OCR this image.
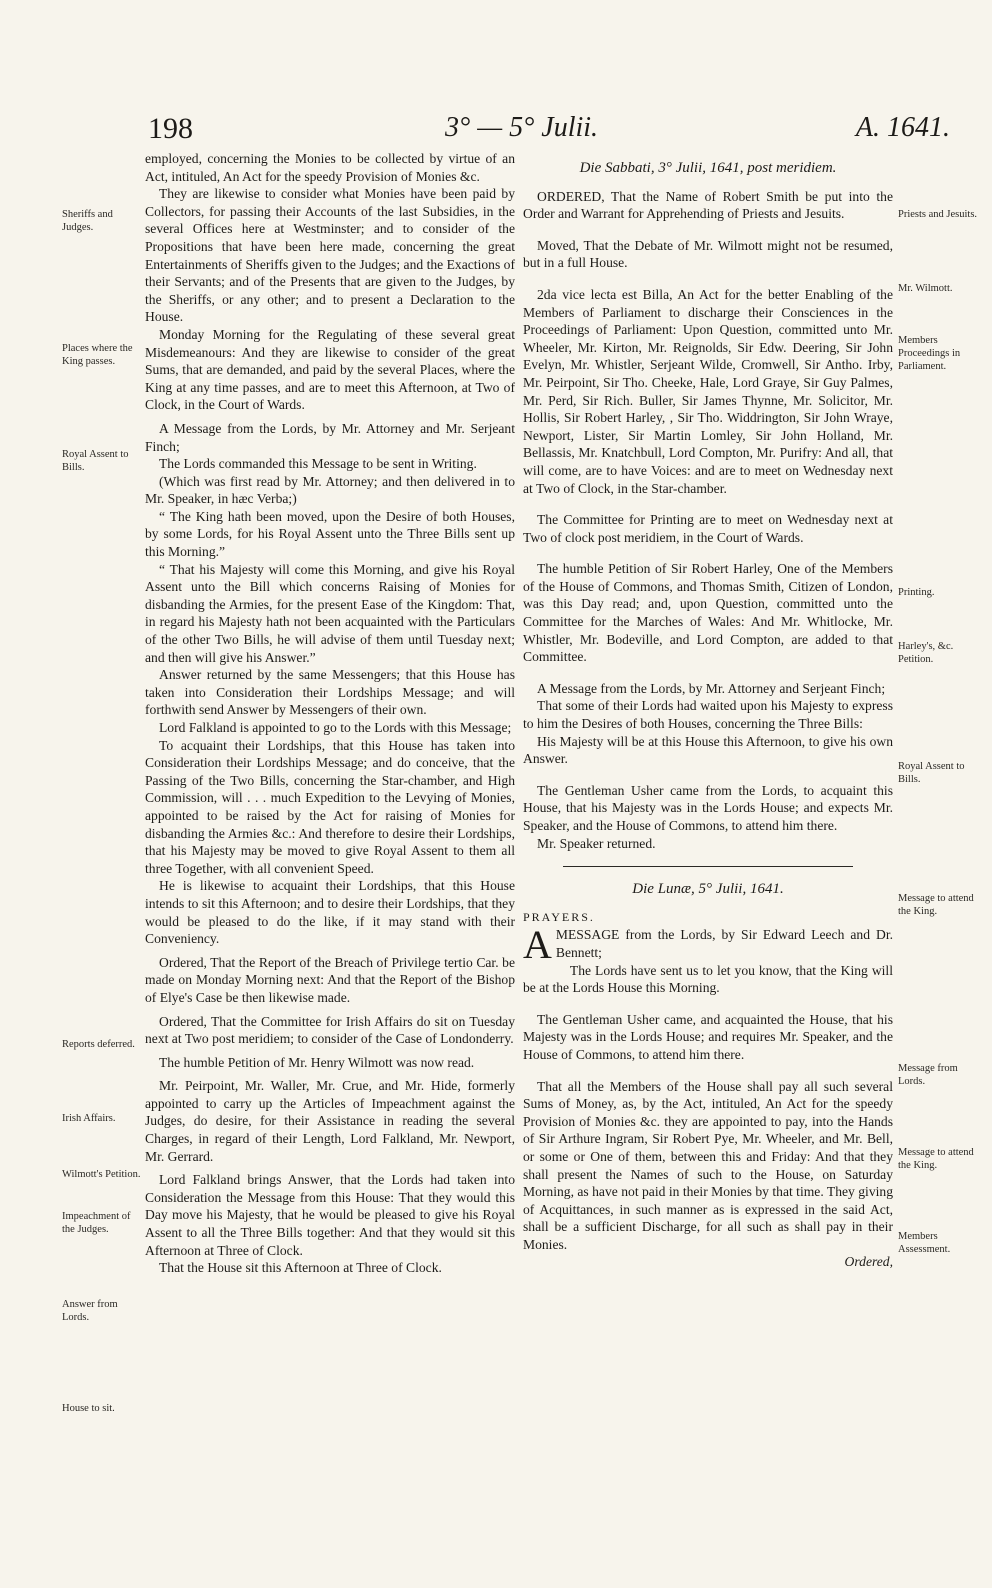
198	3° — 5° Julii.	A. 1641.
Sheriffs and Judges.
Places where the King passes.
Royal Assent to Bills.
Reports deferred.
Irish Affairs.
Wilmott's Petition.
Impeachment of the Judges.
Answer from Lords.
House to sit.
Priests and Jesuits.
Mr. Wilmott.
Members Proceedings in Parliament.
Printing.
Harley's, &c. Petition.
Royal Assent to Bills.
Message to attend the King.
Message from Lords.
Message to attend the King.
Members Assessment.

employed, concerning the Monies to be collected by virtue of an Act, intituled, An Act for the speedy Provision of Monies &c.

They are likewise to consider what Monies have been paid by Collectors, for passing their Accounts of the last Subsidies, in the several Offices here at Westminster; and to consider of the Propositions that have been here made, concerning the great Entertainments of Sheriffs given to the Judges; and the Exactions of their Servants; and of the Presents that are given to the Judges, by the Sheriffs, or any other; and to present a Declaration to the House.

Monday Morning for the Regulating of these several great Misdemeanours: And they are likewise to consider of the great Sums, that are demanded, and paid by the several Places, where the King at any time passes, and are to meet this Afternoon, at Two of Clock, in the Court of Wards.

A Message from the Lords, by Mr. Attorney and Mr. Serjeant Finch;

The Lords commanded this Message to be sent in Writing.

(Which was first read by Mr. Attorney; and then delivered in to Mr. Speaker, in hæc Verba;)

“ The King hath been moved, upon the Desire of both Houses, by some Lords, for his Royal Assent unto the Three Bills sent up this Morning.”

“ That his Majesty will come this Morning, and give his Royal Assent unto the Bill which concerns Raising of Monies for disbanding the Armies, for the present Ease of the Kingdom: That, in regard his Majesty hath not been acquainted with the Particulars of the other Two Bills, he will advise of them until Tuesday next; and then will give his Answer.”

Answer returned by the same Messengers; that this House has taken into Consideration their Lordships Message; and will forthwith send Answer by Messengers of their own.

Lord Falkland is appointed to go to the Lords with this Message;

To acquaint their Lordships, that this House has taken into Consideration their Lordships Message; and do conceive, that the Passing of the Two Bills, concerning the Star-chamber, and High Commission, will . . . much Expedition to the Levying of Monies, appointed to be raised by the Act for raising of Monies for disbanding the Armies &c.: And therefore to desire their Lordships, that his Majesty may be moved to give Royal Assent to them all three Together, with all convenient Speed.

He is likewise to acquaint their Lordships, that this House intends to sit this Afternoon; and to desire their Lordships, that they would be pleased to do the like, if it may stand with their Conveniency.

Ordered, That the Report of the Breach of Privilege tertio Car. be made on Monday Morning next: And that the Report of the Bishop of Elye's Case be then likewise made.

Ordered, That the Committee for Irish Affairs do sit on Tuesday next at Two post meridiem; to consider of the Case of Londonderry.

The humble Petition of Mr. Henry Wilmott was now read.

Mr. Peirpoint, Mr. Waller, Mr. Crue, and Mr. Hide, formerly appointed to carry up the Articles of Impeachment against the Judges, do desire, for their Assistance in reading the several Charges, in regard of their Length, Lord Falkland, Mr. Newport, Mr. Gerrard.

Lord Falkland brings Answer, that the Lords had taken into Consideration the Message from this House: That they would this Day move his Majesty, that he would be pleased to give his Royal Assent to all the Three Bills together: And that they would sit this Afternoon at Three of Clock.

That the House sit this Afternoon at Three of Clock.

Die Sabbati, 3° Julii, 1641, post meridiem.

ORDERED, That the Name of Robert Smith be put into the Order and Warrant for Apprehending of Priests and Jesuits.

Moved, That the Debate of Mr. Wilmott might not be resumed, but in a full House.

2da vice lecta est Billa, An Act for the better Enabling of the Members of Parliament to discharge their Consciences in the Proceedings of Parliament: Upon Question, committed unto Mr. Wheeler, Mr. Kirton, Mr. Reignolds, Sir Edw. Deering, Sir John Evelyn, Mr. Whistler, Serjeant Wilde, Cromwell, Sir Antho. Irby, Mr. Peirpoint, Sir Tho. Cheeke, Hale, Lord Graye, Sir Guy Palmes, Mr. Perd, Sir Rich. Buller, Sir James Thynne, Mr. Solicitor, Mr. Hollis, Sir Robert Harley, , Sir Tho. Widdrington, Sir John Wraye, Newport, Lister, Sir Martin Lomley, Sir John Holland, Mr. Bellassis, Mr. Knatchbull, Lord Compton, Mr. Purifry: And all, that will come, are to have Voices: and are to meet on Wednesday next at Two of Clock, in the Star-chamber.

The Committee for Printing are to meet on Wednesday next at Two of clock post meridiem, in the Court of Wards.

The humble Petition of Sir Robert Harley, One of the Members of the House of Commons, and Thomas Smith, Citizen of London, was this Day read; and, upon Question, committed unto the Committee for the Marches of Wales: And Mr. Whitlocke, Mr. Whistler, Mr. Bodeville, and Lord Compton, are added to that Committee.

A Message from the Lords, by Mr. Attorney and Serjeant Finch;

That some of their Lords had waited upon his Majesty to express to him the Desires of both Houses, concerning the Three Bills:

His Majesty will be at this House this Afternoon, to give his own Answer.

The Gentleman Usher came from the Lords, to acquaint this House, that his Majesty was in the Lords House; and expects Mr. Speaker, and the House of Commons, to attend him there.

Mr. Speaker returned.

Die Lunæ, 5° Julii, 1641.

PRAYERS.

AMESSAGE from the Lords, by Sir Edward Leech and Dr. Bennett;

The Lords have sent us to let you know, that the King will be at the Lords House this Morning.

The Gentleman Usher came, and acquainted the House, that his Majesty was in the Lords House; and requires Mr. Speaker, and the House of Commons, to attend him there.

That all the Members of the House shall pay all such several Sums of Money, as, by the Act, intituled, An Act for the speedy Provision of Monies &c. they are appointed to pay, into the Hands of Sir Arthure Ingram, Sir Robert Pye, Mr. Wheeler, and Mr. Bell, or some or One of them, between this and Friday: And that they shall present the Names of such to the House, on Saturday Morning, as have not paid in their Monies by that time. They giving of Acquittances, in such manner as is expressed in the said Act, shall be a sufficient Discharge, for all such as shall pay in their Monies.

Ordered,
